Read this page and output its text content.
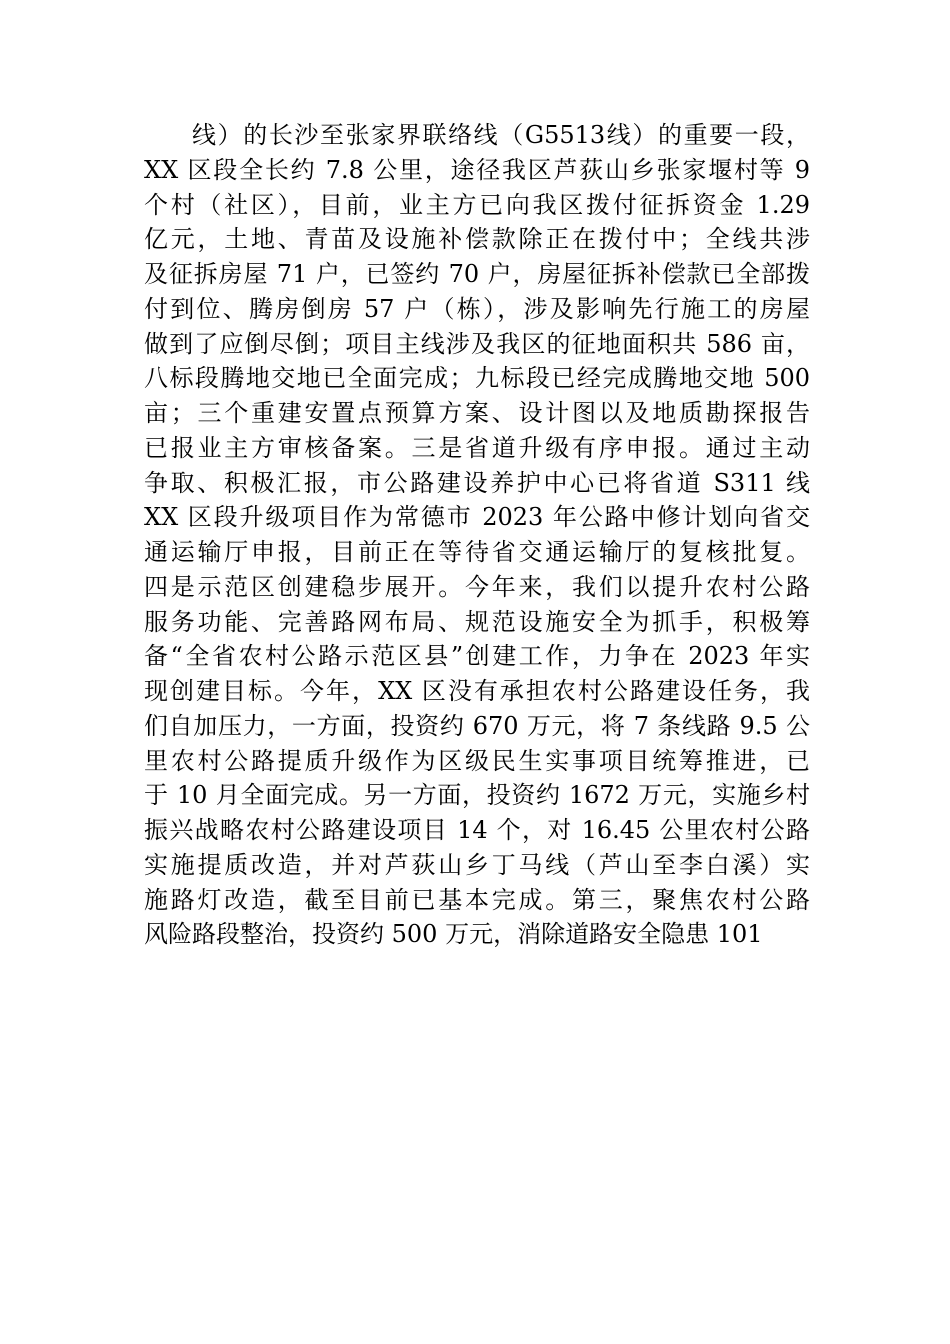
线）的长沙至张家界联络线（G5513线）的重要一段，
XX 区段全长约 7.8 公里，途径我区芦荻山乡张家堰村等 9
个村（社区），目前，业主方已向我区拨付征拆资金 1.29
亿元，土地、青苗及设施补偿款除正在拨付中；全线共涉
及征拆房屋 71 户，已签约 70 户，房屋征拆补偿款已全部拨
付到位、腾房倒房 57 户（栋），涉及影响先行施工的房屋
做到了应倒尽倒；项目主线涉及我区的征地面积共 586 亩，
八标段腾地交地已全面完成；九标段已经完成腾地交地 500
亩；三个重建安置点预算方案、设计图以及地质勘探报告
已报业主方审核备案。三是省道升级有序申报。通过主动
争取、积极汇报，市公路建设养护中心已将省道 S311 线
XX 区段升级项目作为常德市 2023 年公路中修计划向省交
通运输厅申报，目前正在等待省交通运输厅的复核批复。
四是示范区创建稳步展开。今年来，我们以提升农村公路
服务功能、完善路网布局、规范设施安全为抓手，积极筹
备“全省农村公路示范区县”创建工作，力争在 2023 年实
现创建目标。今年，XX 区没有承担农村公路建设任务，我
们自加压力，一方面，投资约 670 万元，将 7 条线路 9.5 公
里农村公路提质升级作为区级民生实事项目统筹推进，已
于 10 月全面完成。另一方面，投资约 1672 万元，实施乡村
振兴战略农村公路建设项目 14 个，对 16.45 公里农村公路
实施提质改造，并对芦荻山乡丁马线（芦山至李白溪）实
施路灯改造，截至目前已基本完成。第三，聚焦农村公路
风险路段整治，投资约 500 万元，消除道路安全隐患 101
